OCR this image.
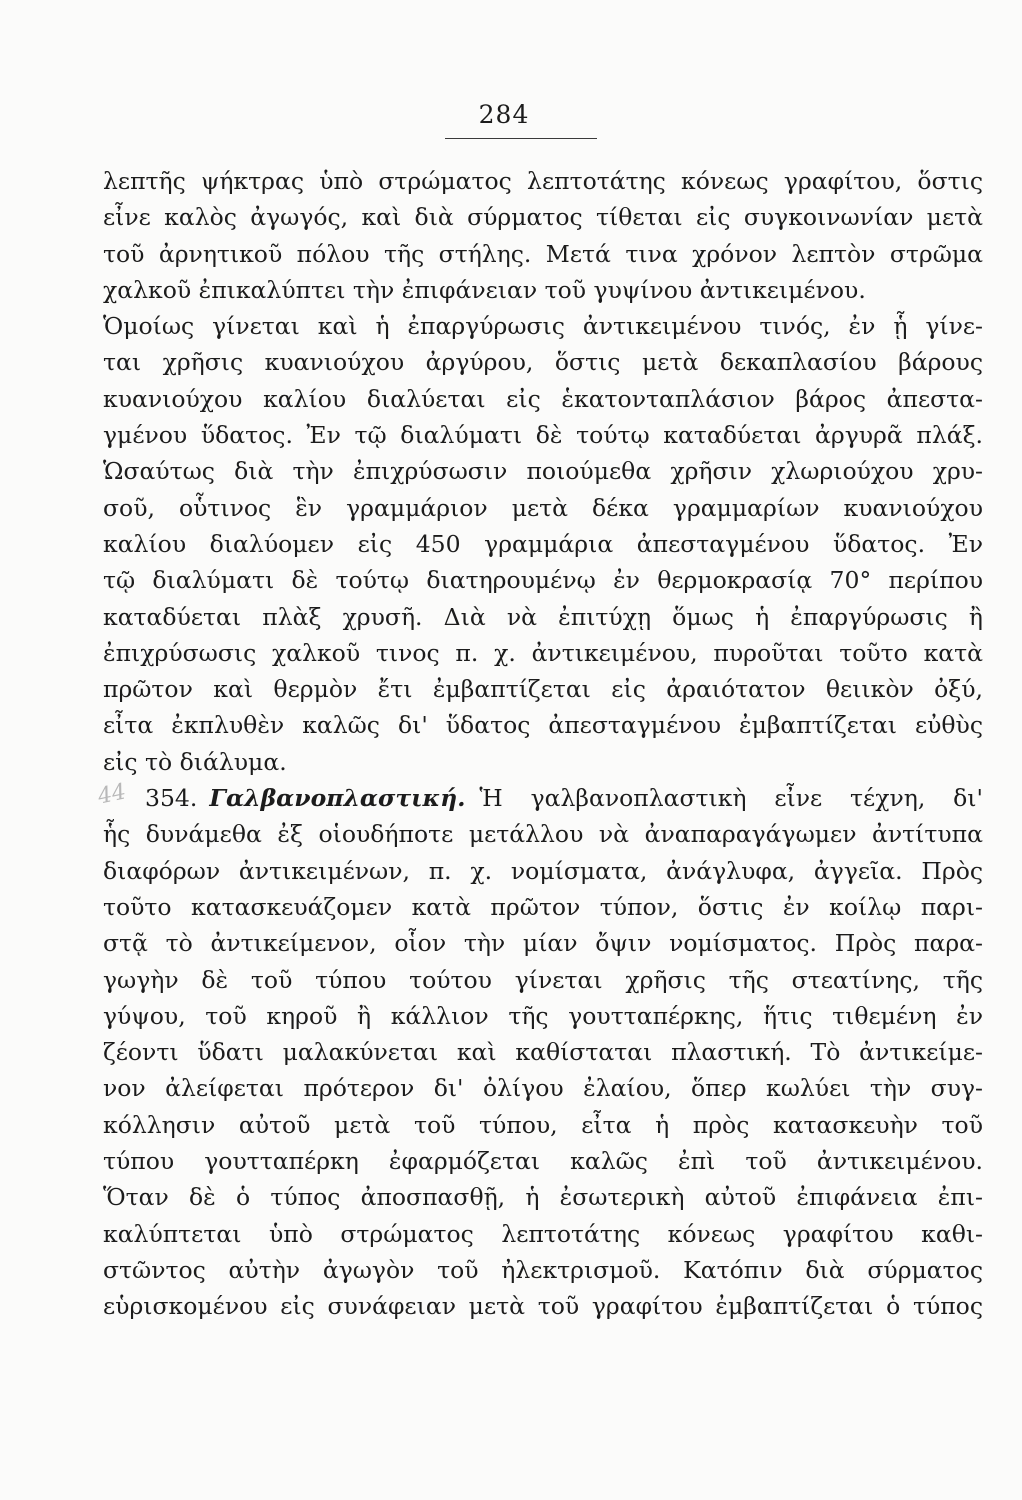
284
44
λεπτῆς ψήκτρας ὑπὸ στρώματος λεπτοτάτης κόνεως γραφίτου, ὅστις
εἶνε καλὸς ἀγωγός, καὶ διὰ σύρματος τίθεται εἰς συγκοινωνίαν μετὰ
τοῦ ἀρνητικοῦ πόλου τῆς στήλης. Μετά τινα χρόνον λεπτὸν στρῶμα
χαλκοῦ ἐπικαλύπτει τὴν ἐπιφάνειαν τοῦ γυψίνου ἀντικειμένου.
Ὁμοίως γίνεται καὶ ἡ ἐπαργύρωσις ἀντικειμένου τινός, ἐν ᾗ γίνε-
ται χρῆσις κυανιούχου ἀργύρου, ὅστις μετὰ δεκαπλασίου βάρους
κυανιούχου καλίου διαλύεται εἰς ἑκατονταπλάσιον βάρος ἀπεστα-
γμένου ὕδατος. Ἐν τῷ διαλύματι δὲ τούτῳ καταδύεται ἀργυρᾶ πλάξ.
Ὡσαύτως διὰ τὴν ἐπιχρύσωσιν ποιούμεθα χρῆσιν χλωριούχου χρυ-
σοῦ, οὗτινος ἓν γραμμάριον μετὰ δέκα γραμμαρίων κυανιούχου
καλίου διαλύομεν εἰς 450 γραμμάρια ἀπεσταγμένου ὕδατος. Ἐν
τῷ διαλύματι δὲ τούτῳ διατηρουμένῳ ἐν θερμοκρασίᾳ 70° περίπου
καταδύεται πλὰξ χρυσῆ. Διὰ νὰ ἐπιτύχῃ ὅμως ἡ ἐπαργύρωσις ἢ
ἐπιχρύσωσις χαλκοῦ τινος π. χ. ἀντικειμένου, πυροῦται τοῦτο κατὰ
πρῶτον καὶ θερμὸν ἔτι ἐμβαπτίζεται εἰς ἀραιότατον θειικὸν ὀξύ,
εἶτα ἐκπλυθὲν καλῶς δι' ὕδατος ἀπεσταγμένου ἐμβαπτίζεται εὐθὺς
εἰς τὸ διάλυμα.
354. Γαλβανοπλαστική. Ἡ γαλβανοπλαστικὴ εἶνε τέχνη, δι'
ἧς δυνάμεθα ἐξ οἱουδήποτε μετάλλου νὰ ἀναπαραγάγωμεν ἀντίτυπα
διαφόρων ἀντικειμένων, π. χ. νομίσματα, ἀνάγλυφα, ἀγγεῖα. Πρὸς
τοῦτο κατασκευάζομεν κατὰ πρῶτον τύπον, ὅστις ἐν κοίλῳ παρι-
στᾷ τὸ ἀντικείμενον, οἷον τὴν μίαν ὄψιν νομίσματος. Πρὸς παρα-
γωγὴν δὲ τοῦ τύπου τούτου γίνεται χρῆσις τῆς στεατίνης, τῆς
γύψου, τοῦ κηροῦ ἢ κάλλιον τῆς γουτταπέρκης, ἥτις τιθεμένη ἐν
ζέοντι ὕδατι μαλακύνεται καὶ καθίσταται πλαστική. Τὸ ἀντικείμε-
νον ἀλείφεται πρότερον δι' ὀλίγου ἐλαίου, ὅπερ κωλύει τὴν συγ-
κόλλησιν αὐτοῦ μετὰ τοῦ τύπου, εἶτα ἡ πρὸς κατασκευὴν τοῦ
τύπου γουτταπέρκη ἐφαρμόζεται καλῶς ἐπὶ τοῦ ἀντικειμένου.
Ὅταν δὲ ὁ τύπος ἀποσπασθῇ, ἡ ἐσωτερικὴ αὐτοῦ ἐπιφάνεια ἐπι-
καλύπτεται ὑπὸ στρώματος λεπτοτάτης κόνεως γραφίτου καθι-
στῶντος αὐτὴν ἀγωγὸν τοῦ ἠλεκτρισμοῦ. Κατόπιν διὰ σύρματος
εὑρισκομένου εἰς συνάφειαν μετὰ τοῦ γραφίτου ἐμβαπτίζεται ὁ τύπος
